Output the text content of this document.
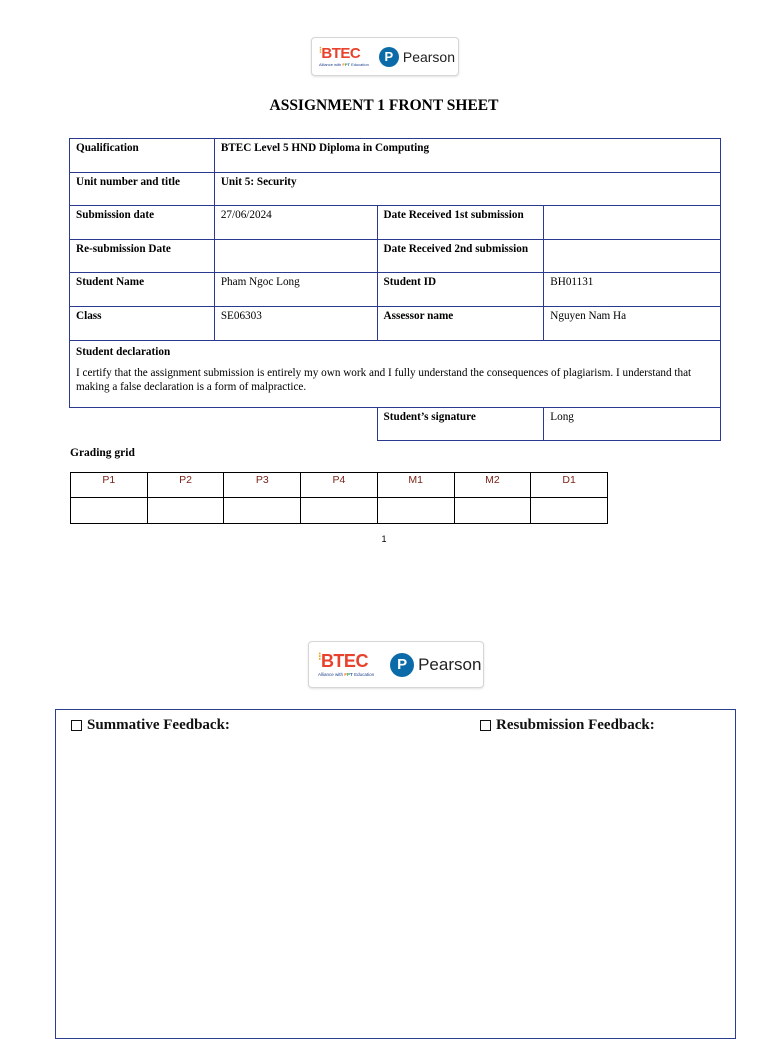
⁝BTEC
Alliance with FPT Education
P Pearson
ASSIGNMENT 1 FRONT SHEET
Qualification	BTEC Level 5 HND Diploma in Computing		
Unit number and title	Unit 5: Security		
Submission date	27/06/2024	Date Received 1st submission	
Re-submission Date		Date Received 2nd submission	
Student Name	Pham Ngoc Long	Student ID	BH01131
Class	SE06303	Assessor name	Nguyen Nam Ha

Student declaration
I certify that the assignment submission is entirely my own work and I fully understand the consequences of plagiarism. I understand that making a false declaration is a form of malpractice.			

		Student’s signature	Long
Grading grid
P1	P2	P3	P4	M1	M2	D1

1
⁝BTEC
Alliance with FPT Education
P Pearson
Summative Feedback:	Resubmission Feedback:
